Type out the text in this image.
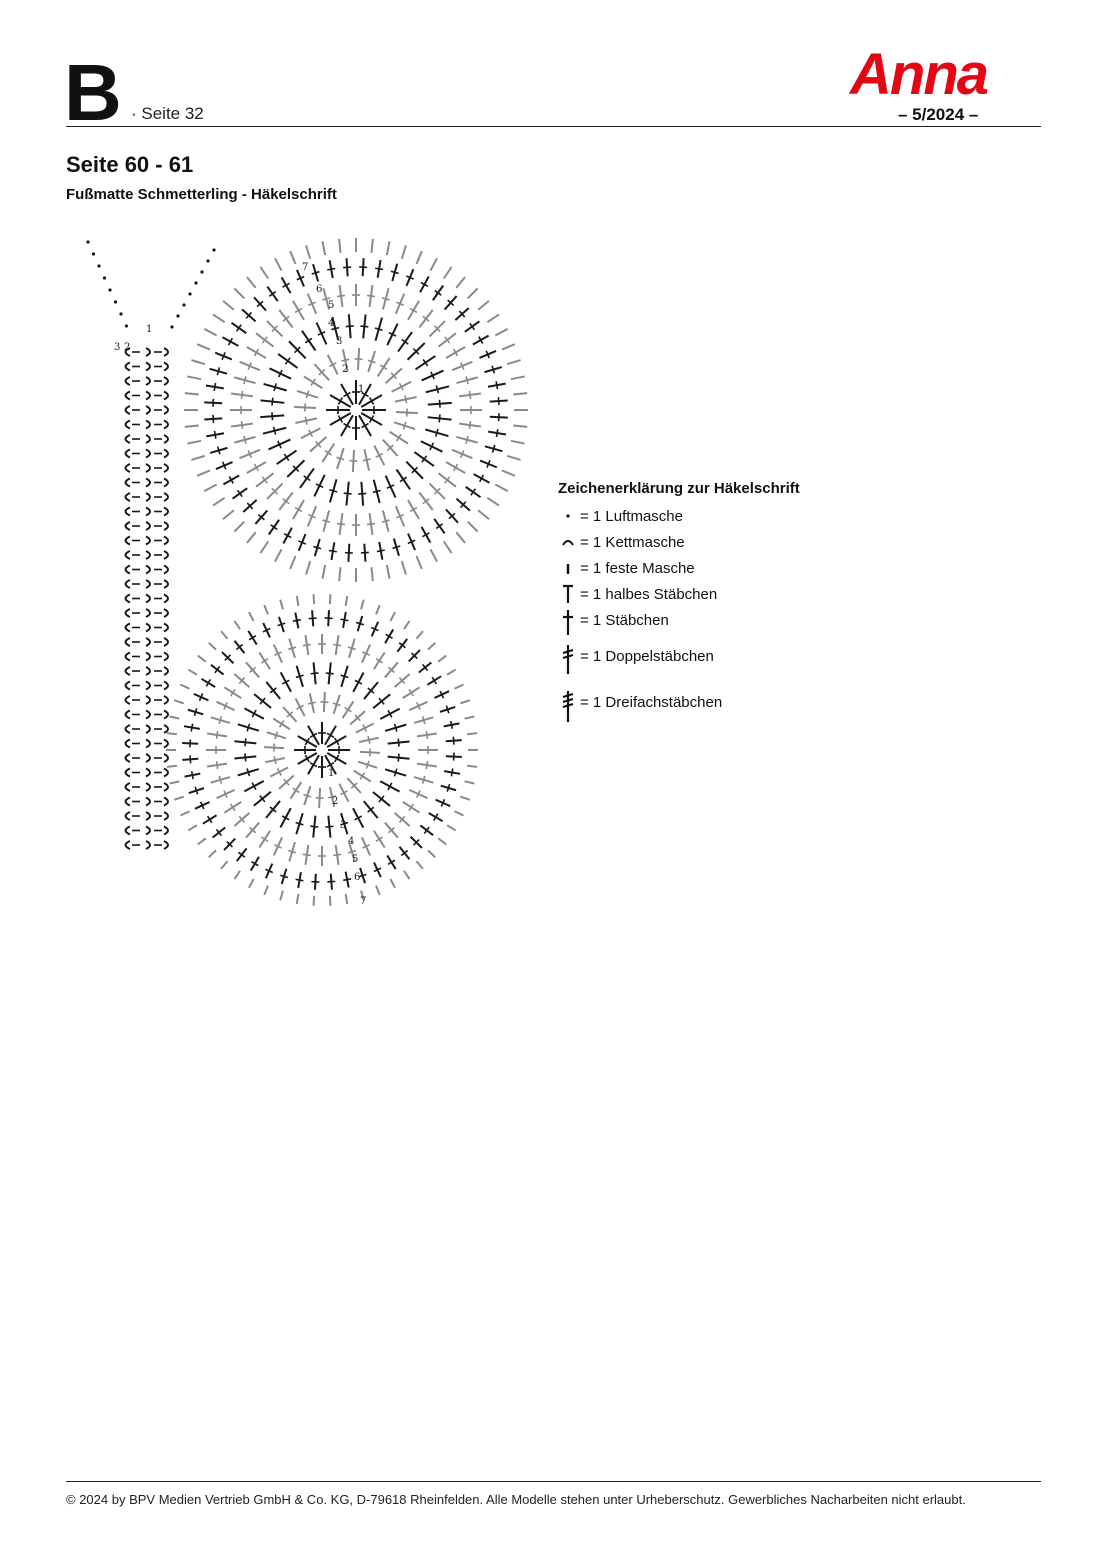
B · Seite 32
Anna
– 5/2024 –
Seite 60 - 61
Fußmatte Schmetterling - Häkelschrift
1
2
3
1
2
3
4
5
6
7
1
2
3
4
5
6
7
Zeichenerklärung zur Häkelschrift
= 1 Luftmasche
= 1 Kettmasche
= 1 feste Masche
= 1 halbes Stäbchen
= 1 Stäbchen
= 1 Doppelstäbchen
= 1 Dreifachstäbchen
© 2024 by BPV Medien Vertrieb GmbH & Co. KG, D-79618 Rheinfelden. Alle Modelle stehen unter Urheberschutz. Gewerbliches Nacharbeiten nicht erlaubt.
